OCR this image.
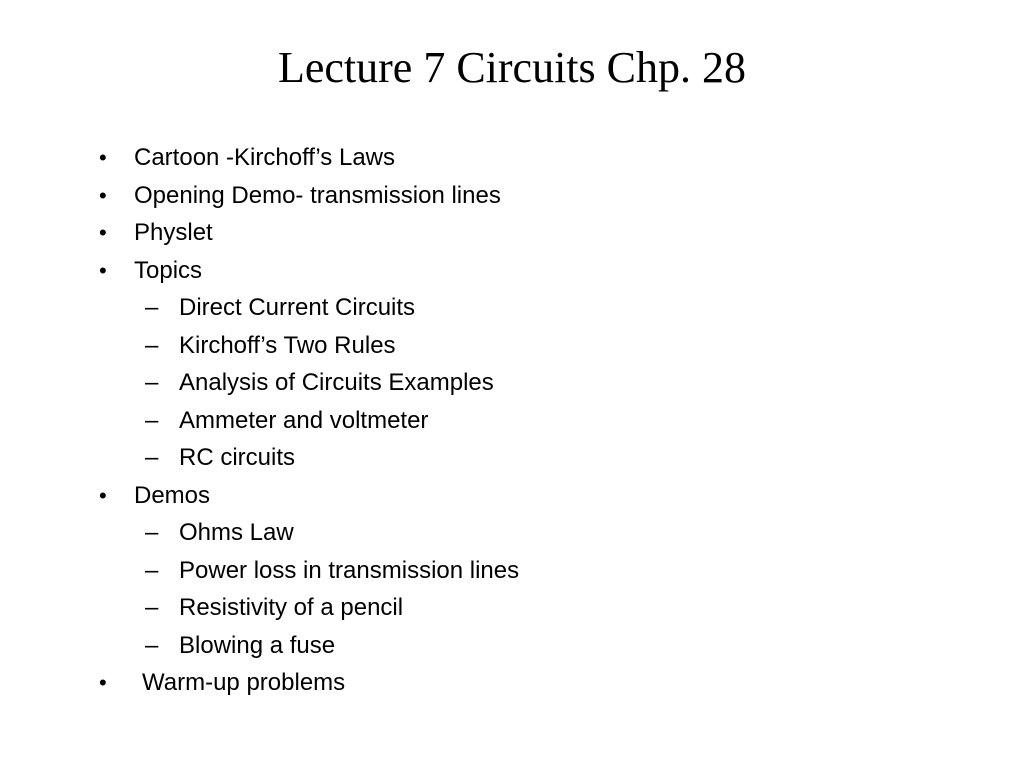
Lecture 7 Circuits Chp. 28
• Cartoon -Kirchoff’s Laws
• Opening Demo- transmission lines
• Physlet
• Topics
– Direct Current Circuits
– Kirchoff’s Two Rules
– Analysis of Circuits Examples
– Ammeter and voltmeter
– RC circuits
• Demos
– Ohms Law
– Power loss in transmission lines
– Resistivity of a pencil
– Blowing a fuse
• Warm-up problems
